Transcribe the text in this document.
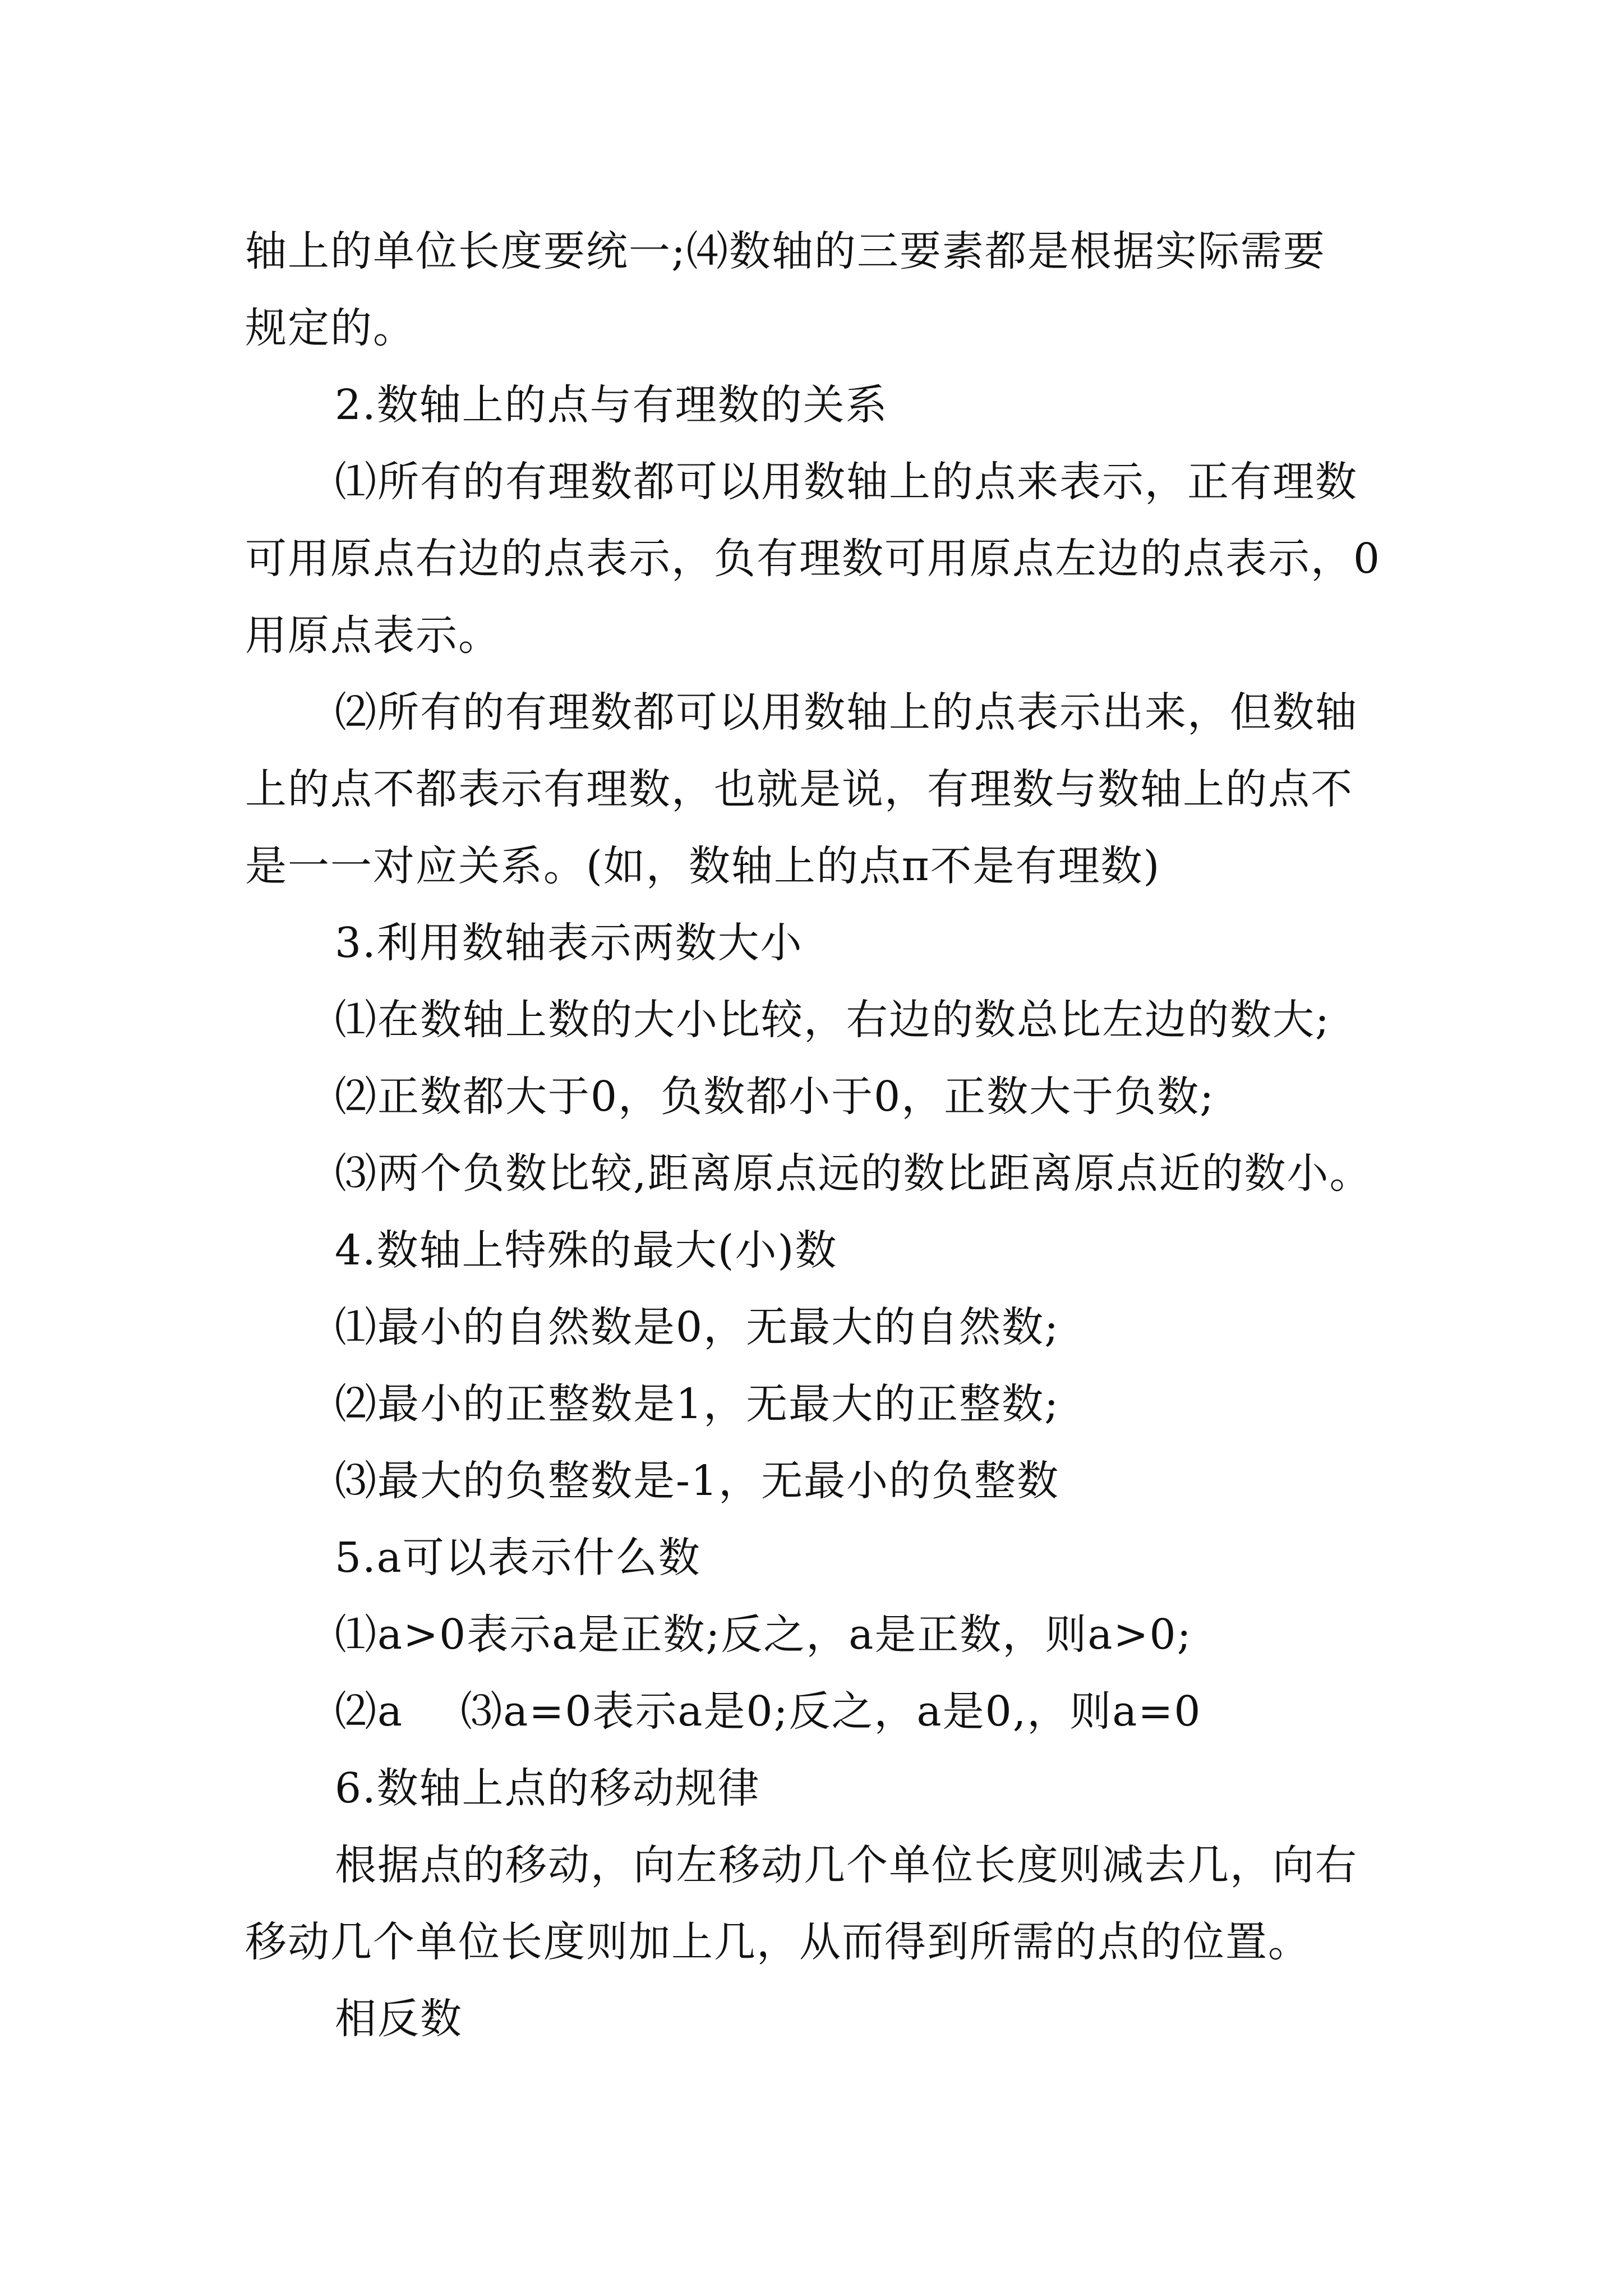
轴上的单位长度要统一;⑷数轴的三要素都是根据实际需要
规定的。
2.数轴上的点与有理数的关系
⑴所有的有理数都可以用数轴上的点来表示，正有理数
可用原点右边的点表示，负有理数可用原点左边的点表示，0
用原点表示。
⑵所有的有理数都可以用数轴上的点表示出来，但数轴
上的点不都表示有理数，也就是说，有理数与数轴上的点不
是一一对应关系。(如，数轴上的点π不是有理数)
3.利用数轴表示两数大小
⑴在数轴上数的大小比较，右边的数总比左边的数大;
⑵正数都大于0，负数都小于0，正数大于负数;
⑶两个负数比较,距离原点远的数比距离原点近的数小。
4.数轴上特殊的最大(小)数
⑴最小的自然数是0，无最大的自然数;
⑵最小的正整数是1，无最大的正整数;
⑶最大的负整数是-1，无最小的负整数
5.a可以表示什么数
⑴a>0表示a是正数;反之，a是正数，则a>0;
⑵a    ⑶a=0表示a是0;反之，a是0,，则a=0
6.数轴上点的移动规律
根据点的移动，向左移动几个单位长度则减去几，向右
移动几个单位长度则加上几，从而得到所需的点的位置。
相反数
